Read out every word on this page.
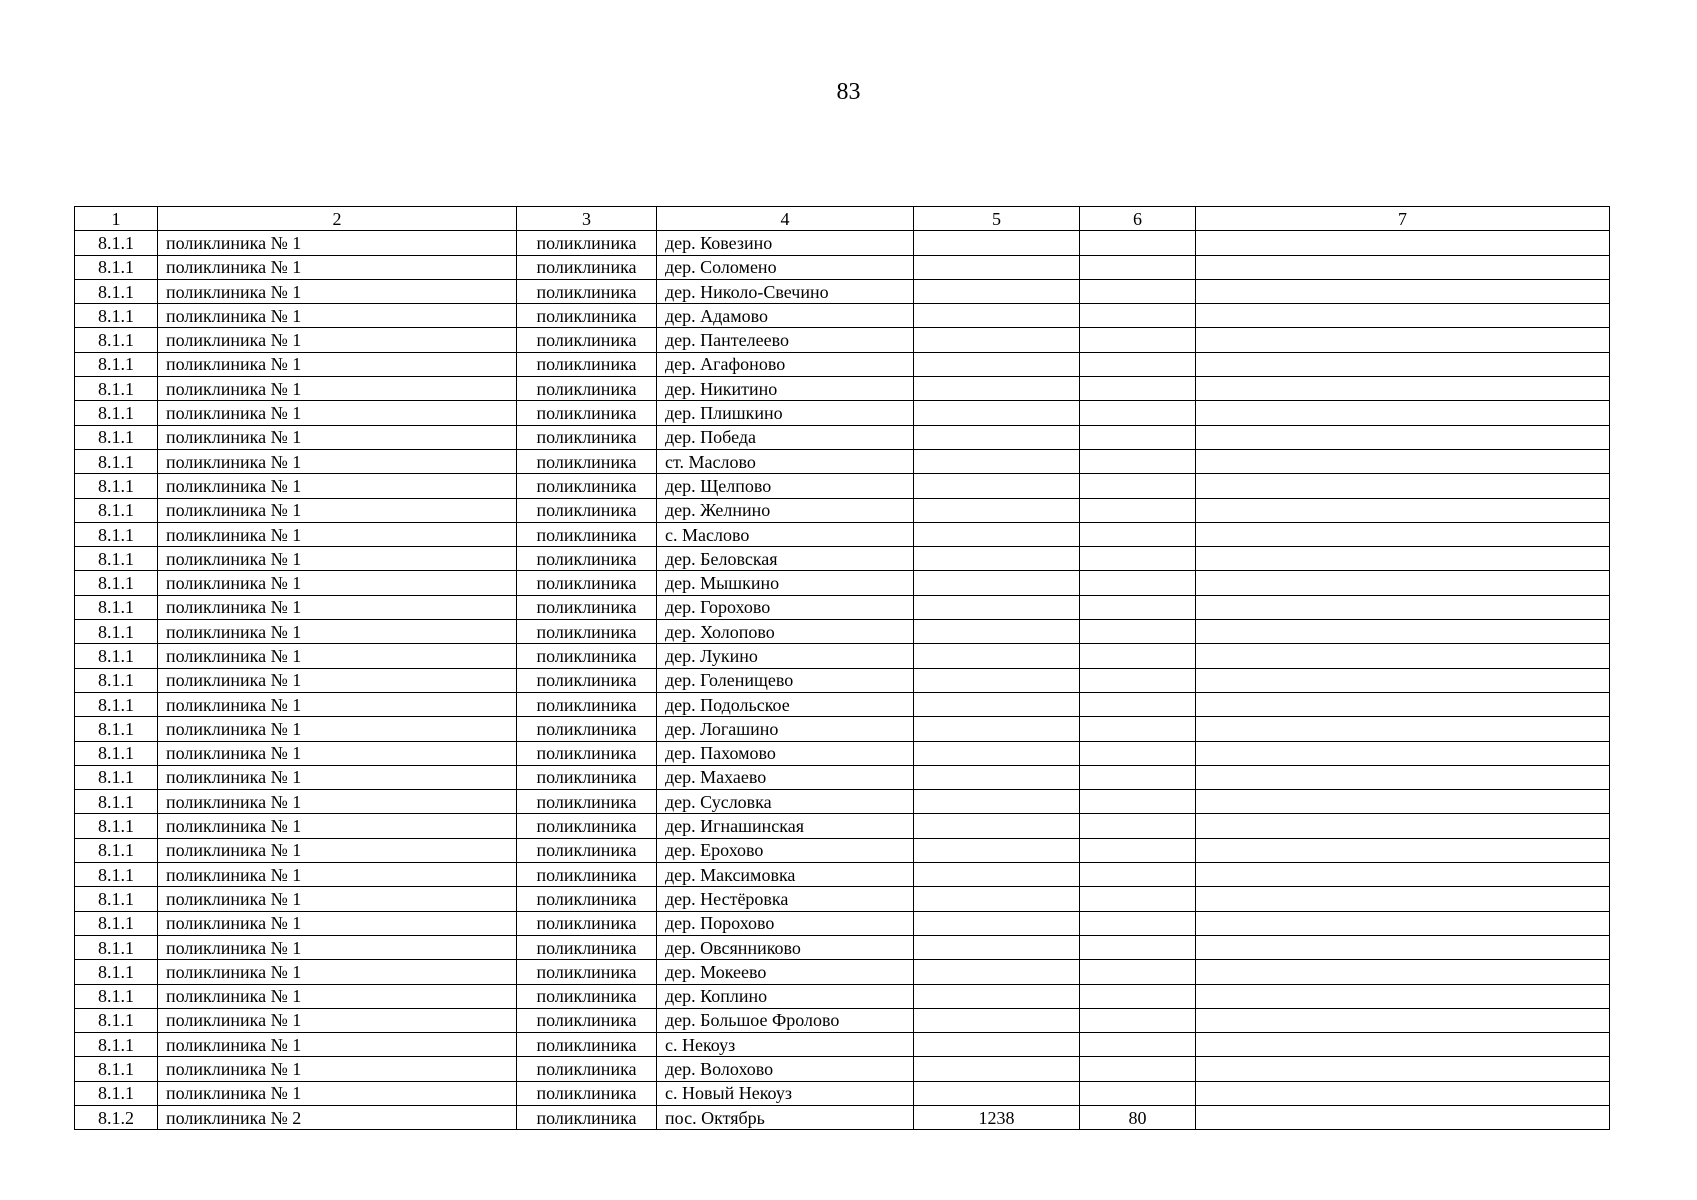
83
1	2	3	4	5	6	7
8.1.1	поликлиника № 1	поликлиника	дер. Ковезино			
8.1.1	поликлиника № 1	поликлиника	дер. Соломено			
8.1.1	поликлиника № 1	поликлиника	дер. Николо-Свечино			
8.1.1	поликлиника № 1	поликлиника	дер. Адамово			
8.1.1	поликлиника № 1	поликлиника	дер. Пантелеево			
8.1.1	поликлиника № 1	поликлиника	дер. Агафоново			
8.1.1	поликлиника № 1	поликлиника	дер. Никитино			
8.1.1	поликлиника № 1	поликлиника	дер. Плишкино			
8.1.1	поликлиника № 1	поликлиника	дер. Победа			
8.1.1	поликлиника № 1	поликлиника	ст. Маслово			
8.1.1	поликлиника № 1	поликлиника	дер. Щелпово			
8.1.1	поликлиника № 1	поликлиника	дер. Желнино			
8.1.1	поликлиника № 1	поликлиника	с. Маслово			
8.1.1	поликлиника № 1	поликлиника	дер. Беловская			
8.1.1	поликлиника № 1	поликлиника	дер. Мышкино			
8.1.1	поликлиника № 1	поликлиника	дер. Горохово			
8.1.1	поликлиника № 1	поликлиника	дер. Холопово			
8.1.1	поликлиника № 1	поликлиника	дер. Лукино			
8.1.1	поликлиника № 1	поликлиника	дер. Голенищево			
8.1.1	поликлиника № 1	поликлиника	дер. Подольское			
8.1.1	поликлиника № 1	поликлиника	дер. Логашино			
8.1.1	поликлиника № 1	поликлиника	дер. Пахомово			
8.1.1	поликлиника № 1	поликлиника	дер. Махаево			
8.1.1	поликлиника № 1	поликлиника	дер. Сусловка			
8.1.1	поликлиника № 1	поликлиника	дер. Игнашинская			
8.1.1	поликлиника № 1	поликлиника	дер. Ерохово			
8.1.1	поликлиника № 1	поликлиника	дер. Максимовка			
8.1.1	поликлиника № 1	поликлиника	дер. Нестёровка			
8.1.1	поликлиника № 1	поликлиника	дер. Порохово			
8.1.1	поликлиника № 1	поликлиника	дер. Овсянниково			
8.1.1	поликлиника № 1	поликлиника	дер. Мокеево			
8.1.1	поликлиника № 1	поликлиника	дер. Коплино			
8.1.1	поликлиника № 1	поликлиника	дер. Большое Фролово			
8.1.1	поликлиника № 1	поликлиника	с. Некоуз			
8.1.1	поликлиника № 1	поликлиника	дер. Волохово			
8.1.1	поликлиника № 1	поликлиника	с. Новый Некоуз			
8.1.2	поликлиника № 2	поликлиника	пос. Октябрь	1238	80	
